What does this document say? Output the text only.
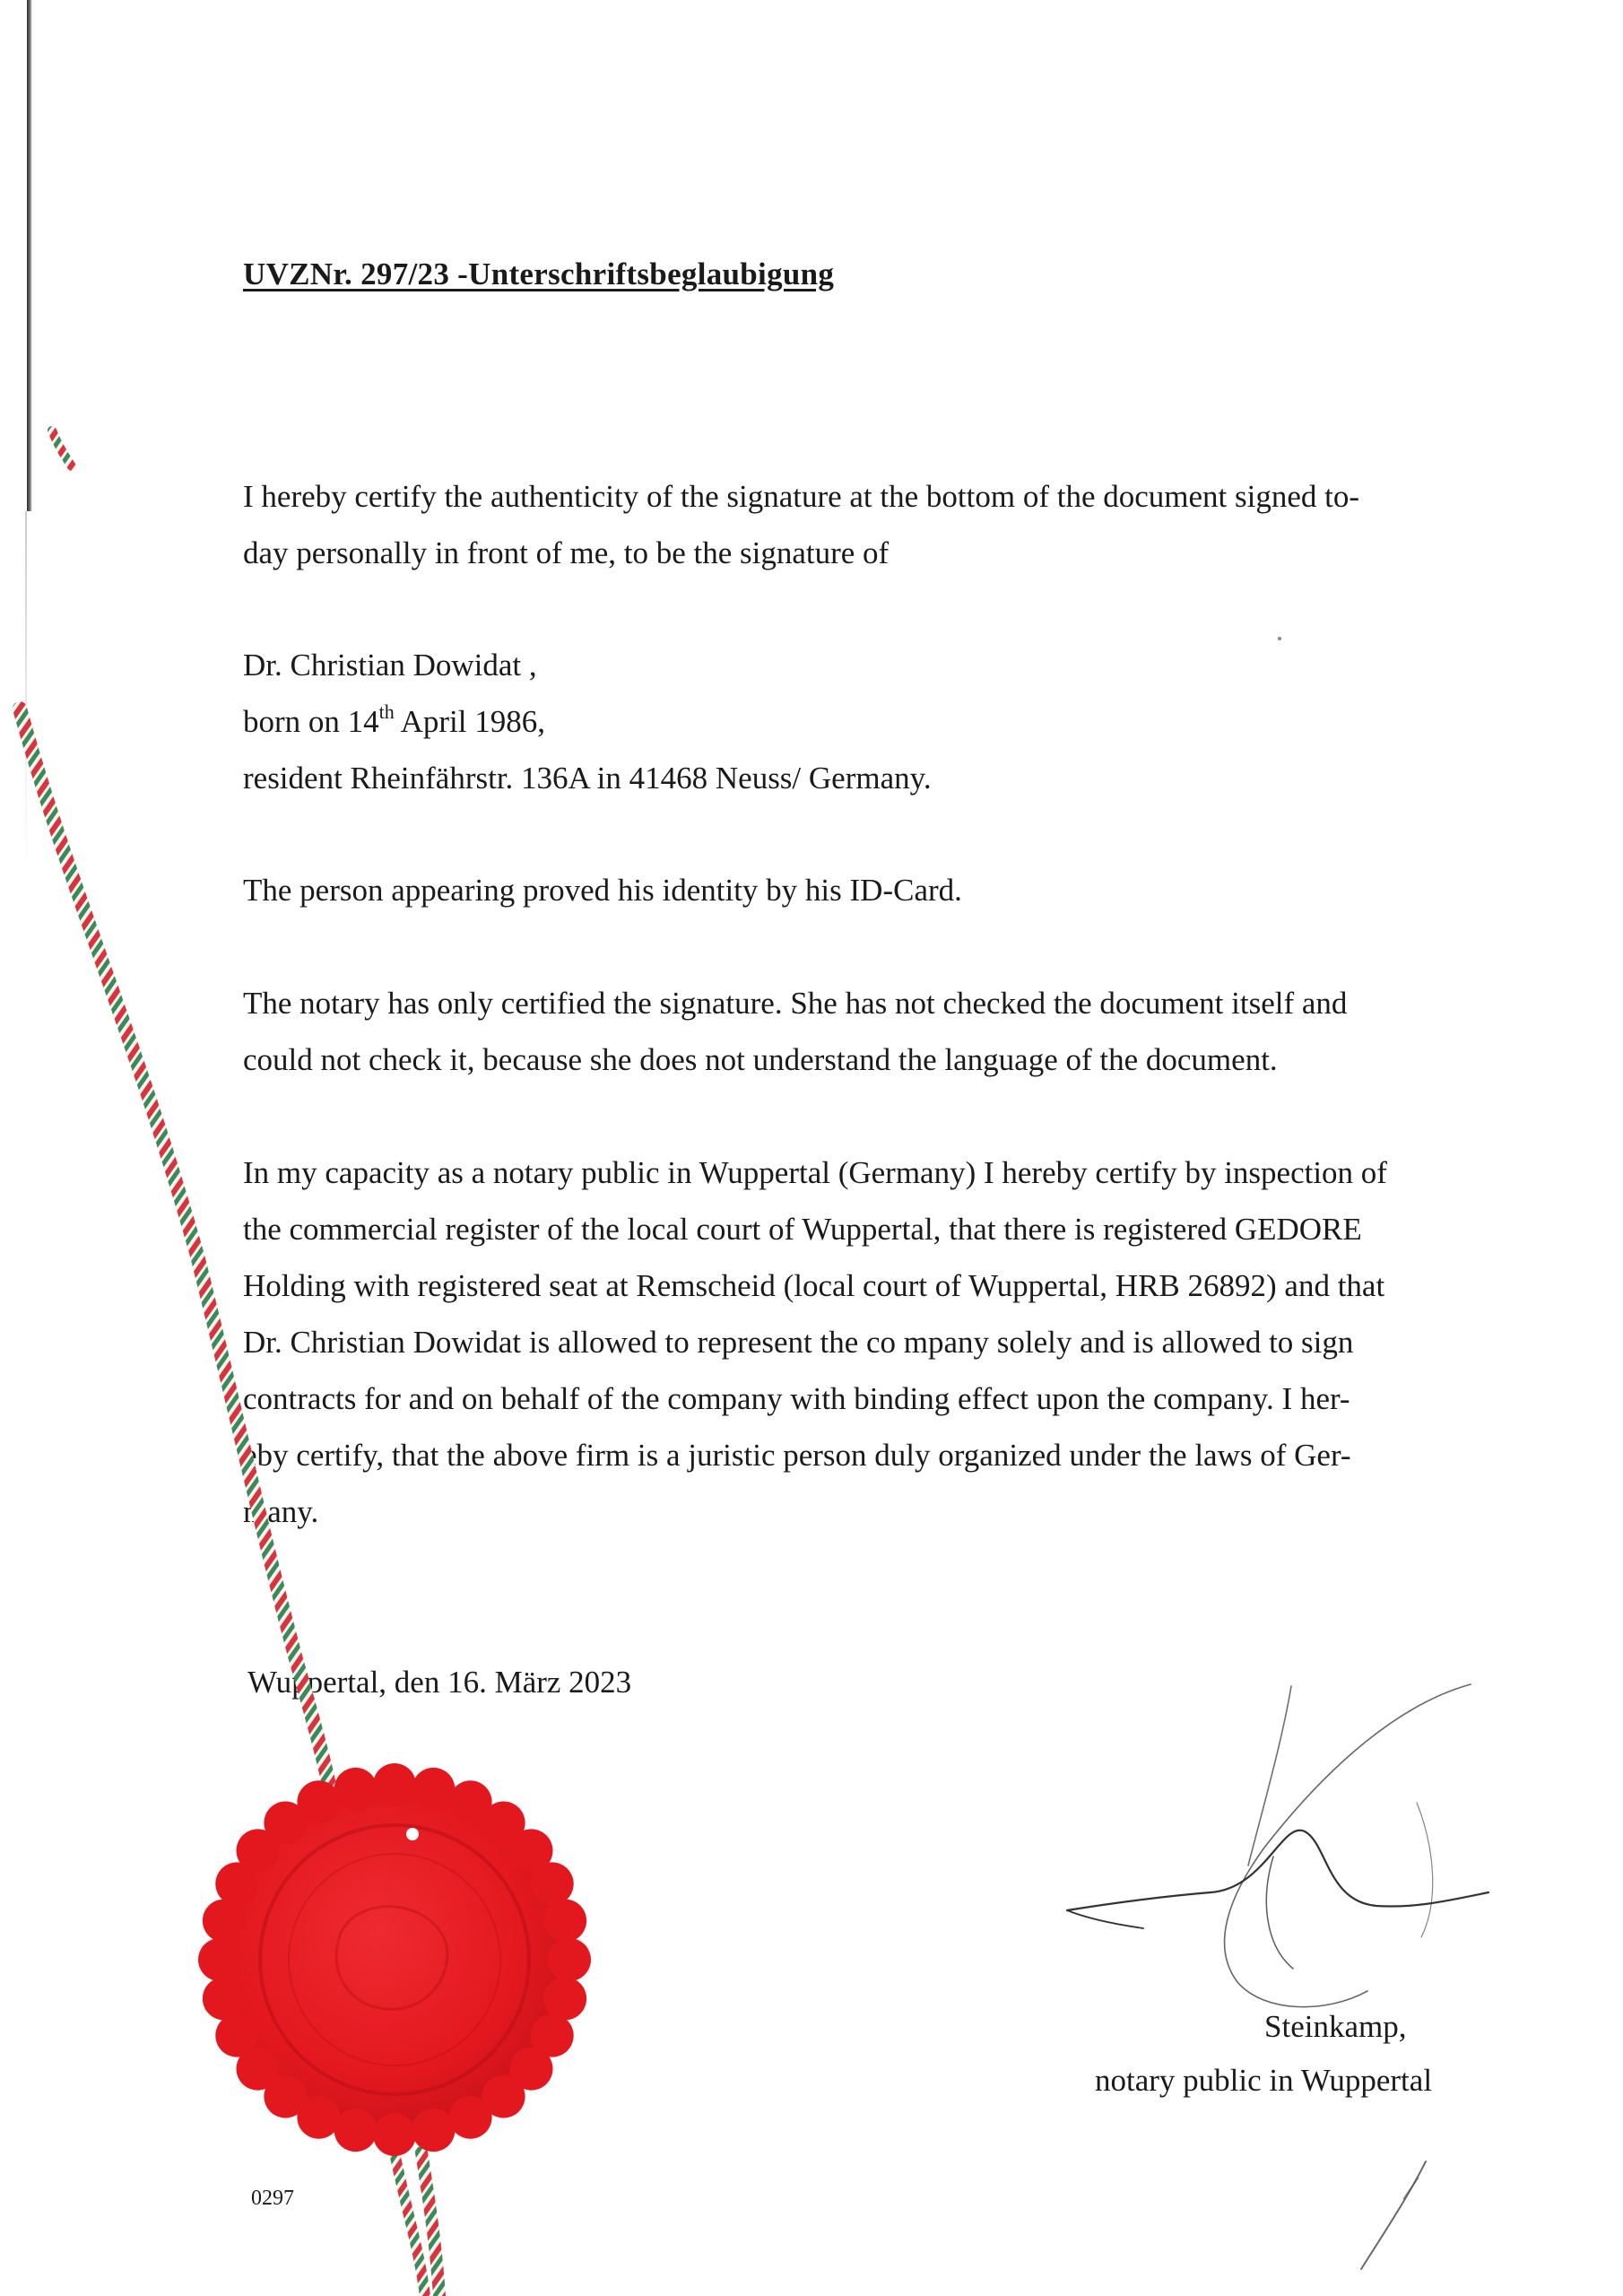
UVZNr. 297/23 -Unterschriftsbeglaubigung
I hereby certify the authenticity of the signature at the bottom of the document signed to-
day personally in front of me, to be the signature of
Dr. Christian Dowidat ,
born on 14th April 1986,
resident Rheinfährstr. 136A in 41468 Neuss/ Germany.
The person appearing proved his identity by his ID-Card.
The notary has only certified the signature. She has not checked the document itself and
could not check it, because she does not understand the language of the document.
In my capacity as a notary public in Wuppertal (Germany) I hereby certify by inspection of
the commercial register of the local court of Wuppertal, that there is registered GEDORE
Holding with registered seat at Remscheid (local court of Wuppertal, HRB 26892) and that
Dr. Christian Dowidat is allowed to represent the co mpany solely and is allowed to sign
contracts for and on behalf of the company with binding effect upon the company. I her-
eby certify, that the above firm is a juristic person duly organized under the laws of Ger-
many.
Wuppertal, den 16. März 2023
Steinkamp,
notary public in Wuppertal
0297
